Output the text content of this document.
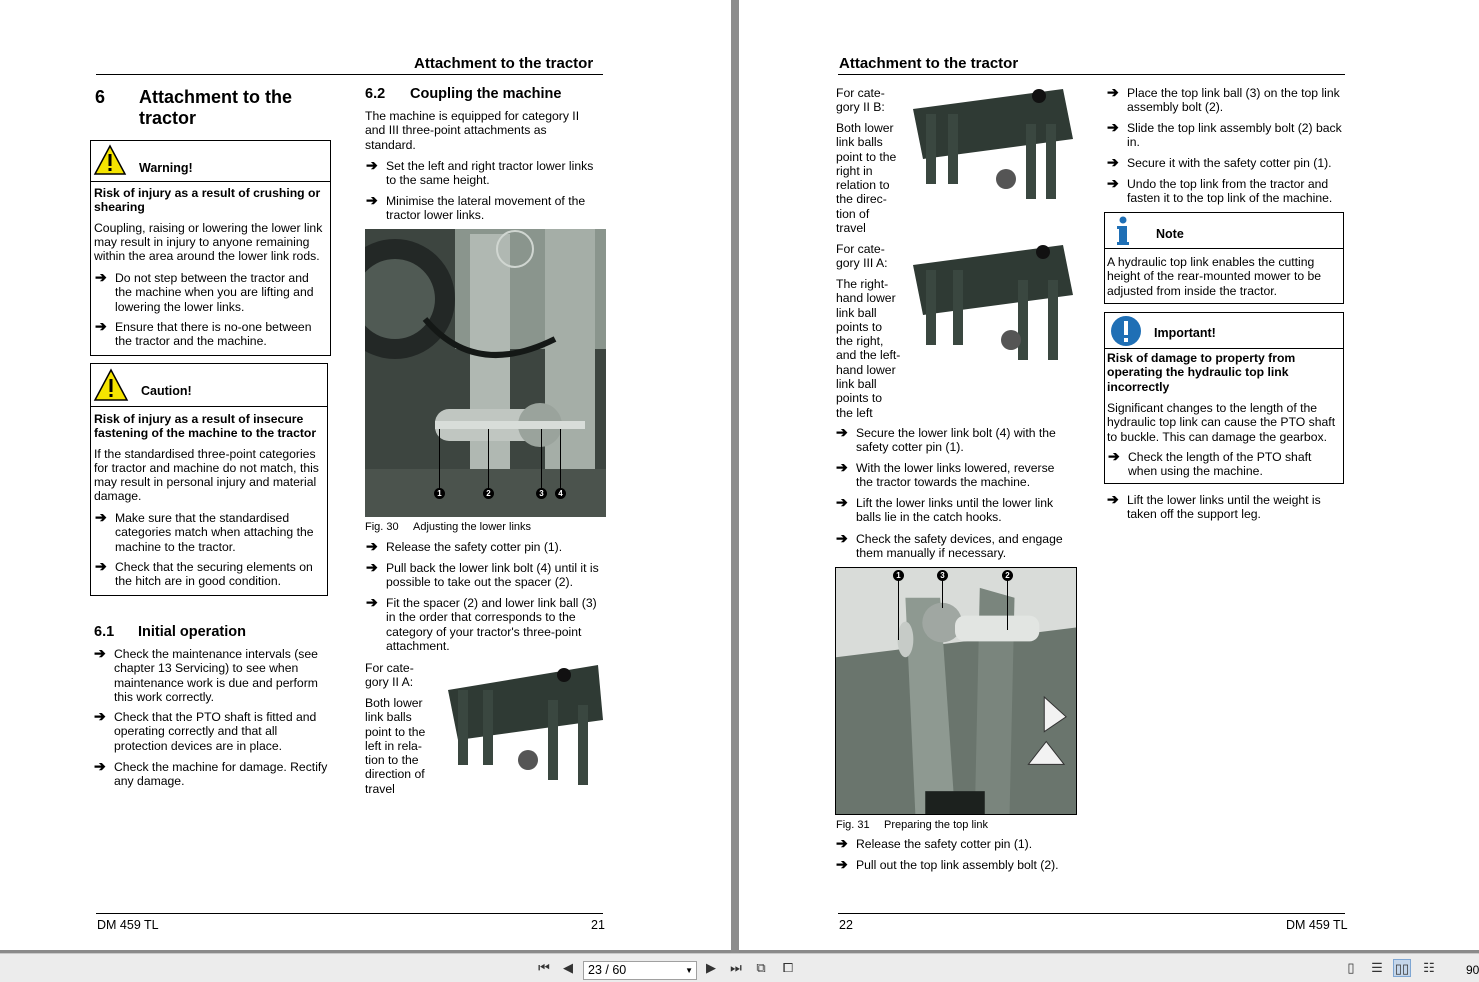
Attachment to the tractor
6 Attachment to the
tractor
Warning!
Risk of injury as a result of crushing or
shearing
Coupling, raising or lowering the lower link
may result in injury to anyone remaining
within the area around the lower link rods.
➔ Do not step between the tractor and
the machine when you are lifting and
lowering the lower links.
➔ Ensure that there is no-one between
the tractor and the machine.
Caution!
Risk of injury as a result of insecure
fastening of the machine to the tractor
If the standardised three-point categories
for tractor and machine do not match, this
may result in personal injury and material
damage.
➔ Make sure that the standardised
categories match when attaching the
machine to the tractor.
➔ Check that the securing elements on
the hitch are in good condition.
6.1 Initial operation
➔ Check the maintenance intervals (see
chapter 13 Servicing) to see when
maintenance work is due and perform
this work correctly.
➔ Check that the PTO shaft is fitted and
operating correctly and that all
protection devices are in place.
➔ Check the machine for damage. Rectify
any damage.
6.2 Coupling the machine
The machine is equipped for category II
and III three-point attachments as
standard.
➔ Set the left and right tractor lower links
to the same height.
➔ Minimise the lateral movement of the
tractor lower links.
1	2	3	4
Fig. 30 Adjusting the lower links
➔ Release the safety cotter pin (1).
➔ Pull back the lower link bolt (4) until it is
possible to take out the spacer (2).
➔ Fit the spacer (2) and lower link ball (3)
in the order that corresponds to the
category of your tractor's three-point
attachment.
For cate-
gory II A:
Both lower
link balls
point to the
left in rela-
tion to the
direction of
travel
DM 459 TL	21
Attachment to the tractor
For cate-
gory II B:
Both lower
link balls
point to the
right in
relation to
the direc-
tion of
travel
For cate-
gory III A:
The right-
hand lower
link ball
points to
the right,
and the left-
hand lower
link ball
points to
the left
➔ Secure the lower link bolt (4) with the
safety cotter pin (1).
➔ With the lower links lowered, reverse
the tractor towards the machine.
➔ Lift the lower links until the lower link
balls lie in the catch hooks.
➔ Check the safety devices, and engage
them manually if necessary.
1	3	2
Fig. 31 Preparing the top link
➔ Release the safety cotter pin (1).
➔ Pull out the top link assembly bolt (2).
➔ Place the top link ball (3) on the top link
assembly bolt (2).
➔ Slide the top link assembly bolt (2) back
in.
➔ Secure it with the safety cotter pin (1).
➔ Undo the top link from the tractor and
fasten it to the top link of the machine.
Note
A hydraulic top link enables the cutting
height of the rear-mounted mower to be
adjusted from inside the tractor.
Important!
Risk of damage to property from
operating the hydraulic top link
incorrectly
Significant changes to the length of the
hydraulic top link can cause the PTO shaft
to buckle. This can damage the gearbox.
➔ Check the length of the PTO shaft
when using the machine.
➔ Lift the lower links until the weight is
taken off the support leg.
22	DM 459 TL
⏮	◀	▶	⏭	⧉	⧠	▯	☰ ▯▯ ☷
23 / 60	▼	90
